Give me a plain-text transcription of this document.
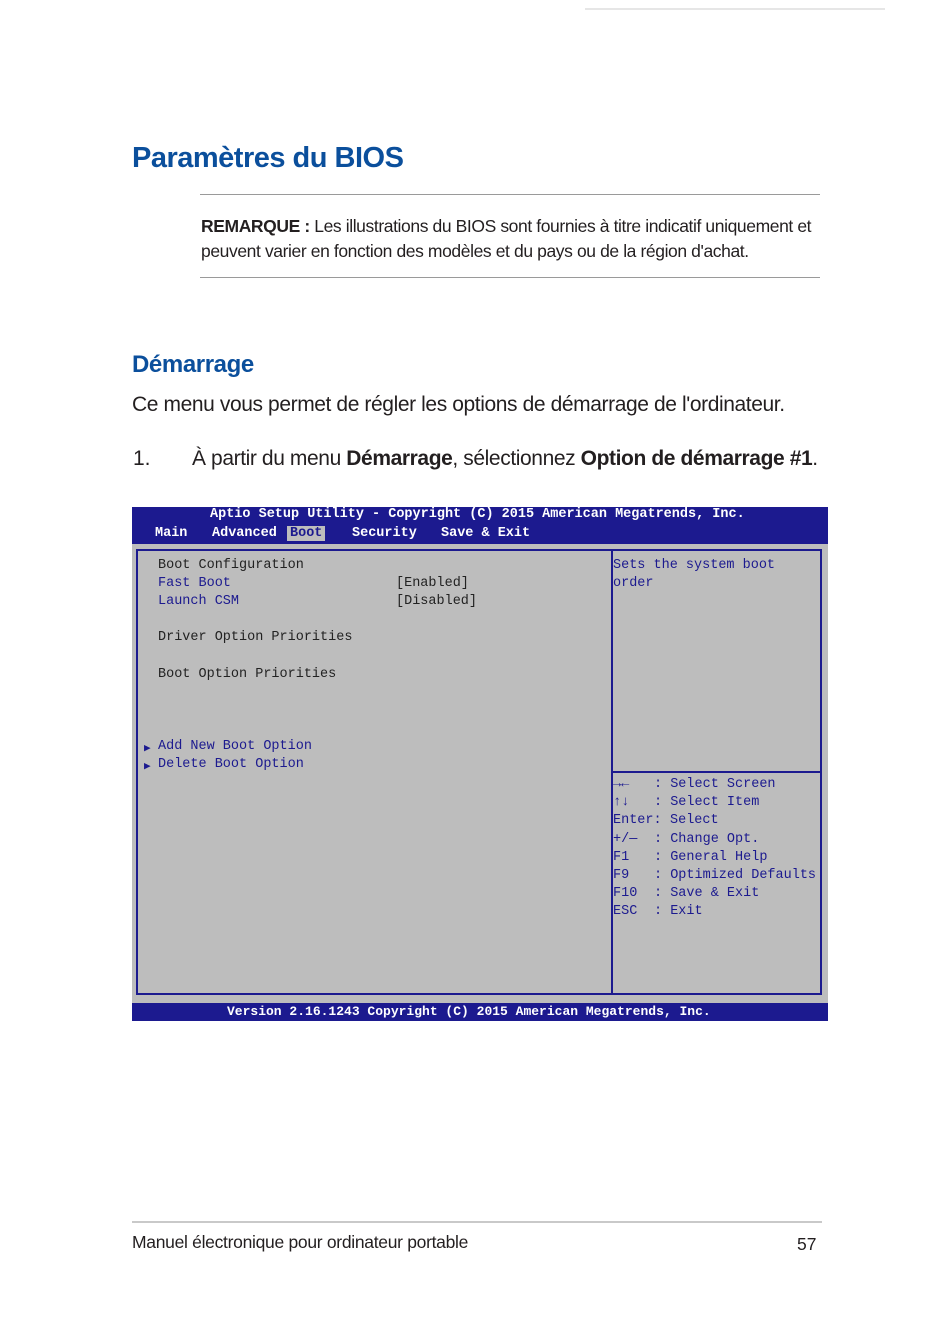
Paramètres du BIOS

REMARQUE : Les illustrations du BIOS sont fournies à titre indicatif uniquement et peuvent varier en fonction des modèles et du pays ou de la région d'achat.

Démarrage

Ce menu vous permet de régler les options de démarrage de l'ordinateur.

1. À partir du menu Démarrage, sélectionnez Option de démarrage #1.
Aptio Setup Utility - Copyright (C) 2015 American Megatrends, Inc.
Main Advanced Boot Security Save & Exit
Boot Configuration
Fast Boot	[Enabled]
Launch CSM	[Disabled]
Driver Option Priorities
Boot Option Priorities
▶ Add New Boot Option
▶ Delete Boot Option
Sets the system boot
order
→← : Select Screen
↑↓ : Select Item
Enter: Select
+/— : Change Opt.
F1 : General Help
F9 : Optimized Defaults
F10 : Save & Exit
ESC : Exit
Version 2.16.1243 Copyright (C) 2015 American Megatrends, Inc.
Manuel électronique pour ordinateur portable	57
